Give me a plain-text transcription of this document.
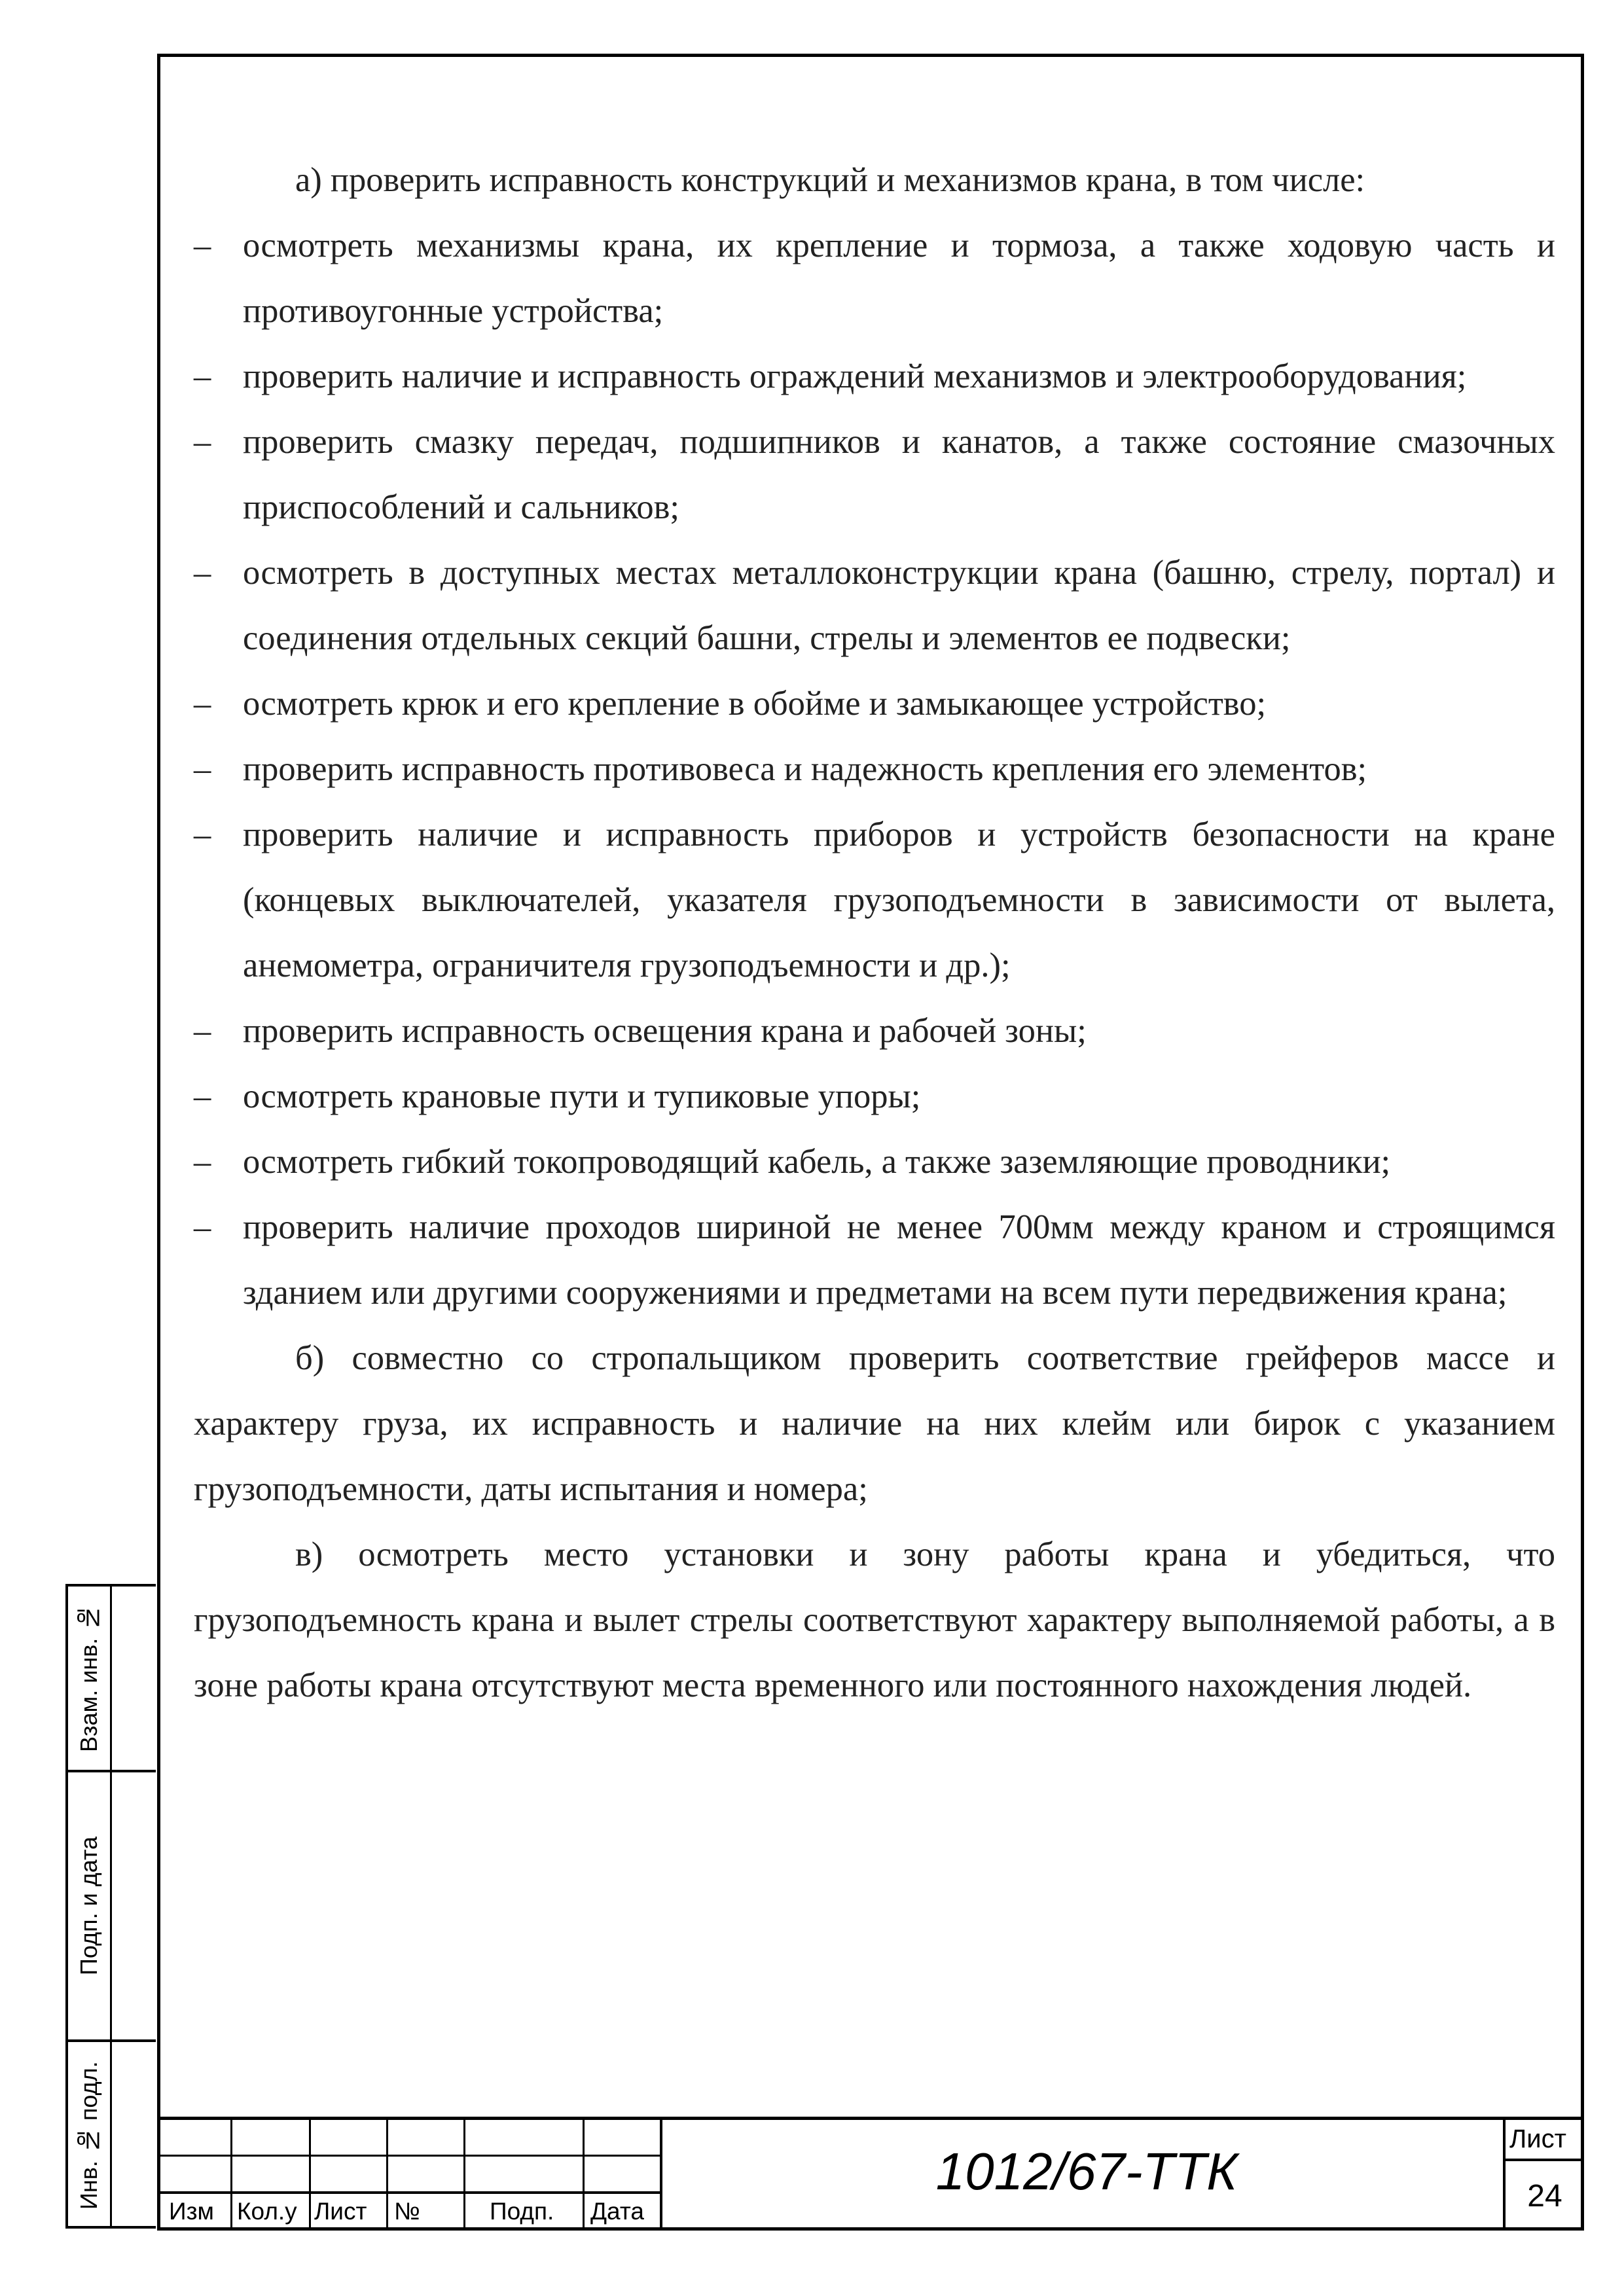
Взам. инв. №
Подп. и дата
Инв. № подл.

а) проверить исправность конструкций и механизмов крана, в том числе:

– осмотреть механизмы крана, их крепление и тормоза, а также ходовую часть и противоугонные устройства;
– проверить наличие и исправность ограждений механизмов и электрооборудования;
– проверить смазку передач, подшипников и канатов, а также состояние смазочных приспособлений и сальников;
– осмотреть в доступных местах металлоконструкции крана (башню, стрелу, портал) и соединения отдельных секций башни, стрелы и элементов ее подвески;
– осмотреть крюк и его крепление в обойме и замыкающее устройство;
– проверить исправность противовеса и надежность крепления его элементов;
– проверить наличие и исправность приборов и устройств безопасности на кране (концевых выключателей, указателя грузоподъемности в зависимости от вылета, анемометра, ограничителя грузоподъемности и др.);
– проверить исправность освещения крана и рабочей зоны;
– осмотреть крановые пути и тупиковые упоры;
– осмотреть гибкий токопроводящий кабель, а также заземляющие проводники;
– проверить наличие проходов шириной не менее 700мм между краном и строящимся зданием или другими сооружениями и предметами на всем пути передвижения крана;

б) совместно со стропальщиком проверить соответствие грейферов массе и характеру груза, их исправность и наличие на них клейм или бирок с указанием грузоподъемности, даты испытания и номера;

в) осмотреть место установки и зону работы крана и убедиться, что грузоподъемность крана и вылет стрелы соответствуют характеру выполняемой работы, а в зоне работы крана отсутствуют места временного или постоянного нахождения людей.

Изм Кол.у Лист №	Подп. Дата
1012/67-ТТК
Лист
24
